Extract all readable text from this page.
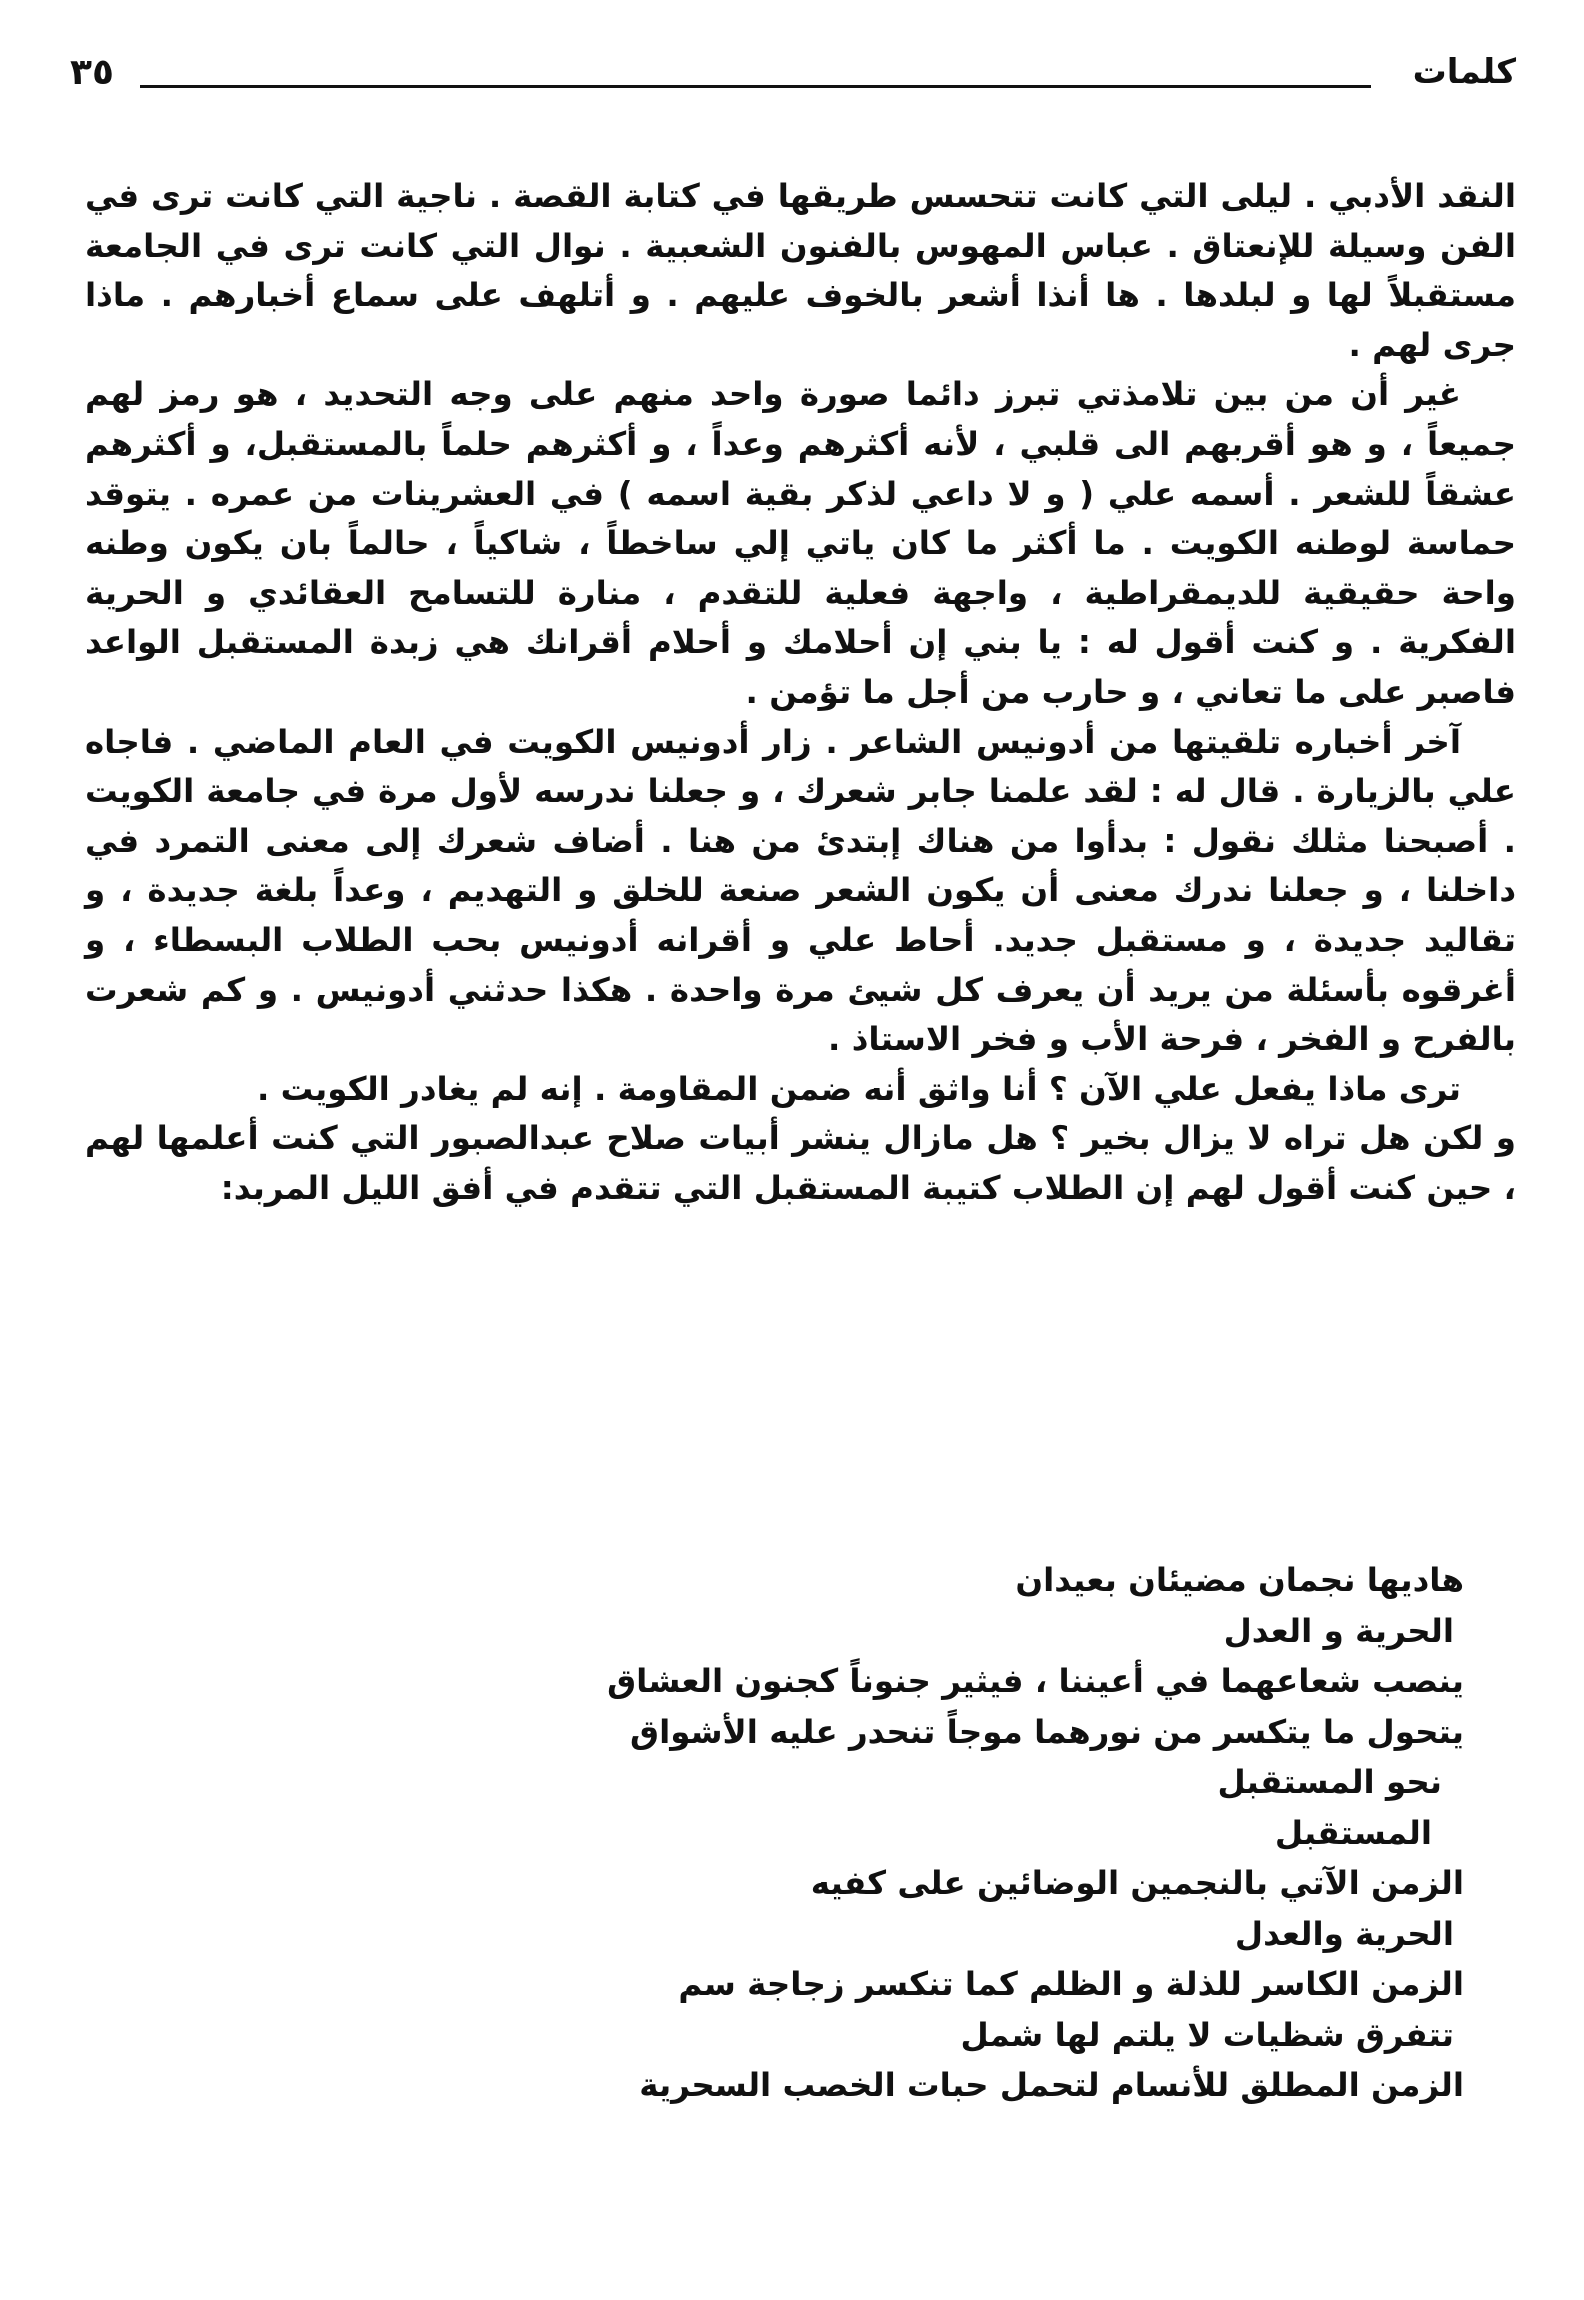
٣٥	كلمات

النقد الأدبي . ليلى التي كانت تتحسس طريقها في كتابة القصة . ناجية التي كانت ترى في الفن وسيلة للإنعتاق . عباس المهوس بالفنون الشعبية . نوال التي كانت ترى في الجامعة مستقبلاً لها و لبلدها . ها أنذا أشعر بالخوف عليهم . و أتلهف على سماع أخبارهم . ماذا جرى لهم .

غير أن من بين تلامذتي تبرز دائما صورة واحد منهم على وجه التحديد ، هو رمز لهم جميعاً ، و هو أقربهم الى قلبي ، لأنه أكثرهم وعداً ، و أكثرهم حلماً بالمستقبل، و أكثرهم عشقاً للشعر . أسمه علي ( و لا داعي لذكر بقية اسمه ) في العشرينات من عمره . يتوقد حماسة لوطنه الكويت . ما أكثر ما كان ياتي إلي ساخطاً ، شاكياً ، حالماً بان يكون وطنه واحة حقيقية للديمقراطية ، واجهة فعلية للتقدم ، منارة للتسامح العقائدي و الحرية الفكرية . و كنت أقول له : يا بني إن أحلامك و أحلام أقرانك هي زبدة المستقبل الواعد فاصبر على ما تعاني ، و حارب من أجل ما تؤمن .

آخر أخباره تلقيتها من أدونيس الشاعر . زار أدونيس الكويت في العام الماضي . فاجاه علي بالزيارة . قال له : لقد علمنا جابر شعرك ، و جعلنا ندرسه لأول مرة في جامعة الكويت . أصبحنا مثلك نقول : بدأوا من هناك إبتدئ من هنا . أضاف شعرك إلى معنى التمرد في داخلنا ، و جعلنا ندرك معنى أن يكون الشعر صنعة للخلق و التهديم ، وعداً بلغة جديدة ، و تقاليد جديدة ، و مستقبل جديد. أحاط علي و أقرانه أدونيس بحب الطلاب البسطاء ، و أغرقوه بأسئلة من يريد أن يعرف كل شيئ مرة واحدة . هكذا حدثني أدونيس . و كم شعرت بالفرح و الفخر ، فرحة الأب و فخر الاستاذ .

ترى ماذا يفعل علي الآن ؟ أنا واثق أنه ضمن المقاومة . إنه لم يغادر الكويت .

و لكن هل تراه لا يزال بخير ؟ هل مازال ينشر أبيات صلاح عبدالصبور التي كنت أعلمها لهم ، حين كنت أقول لهم إن الطلاب كتيبة المستقبل التي تتقدم في أفق الليل المربد:

هاديها نجمان مضيئان بعيدان
الحرية و العدل
ينصب شعاعهما في أعيننا ، فيثير جنوناً كجنون العشاق
يتحول ما يتكسر من نورهما موجاً تنحدر عليه الأشواق
نحو المستقبل
المستقبل
الزمن الآتي بالنجمين الوضائين على كفيه
الحرية والعدل
الزمن الكاسر للذلة و الظلم كما تنكسر زجاجة سم
تتفرق شظيات لا يلتم لها شمل
الزمن المطلق للأنسام لتحمل حبات الخصب السحرية
